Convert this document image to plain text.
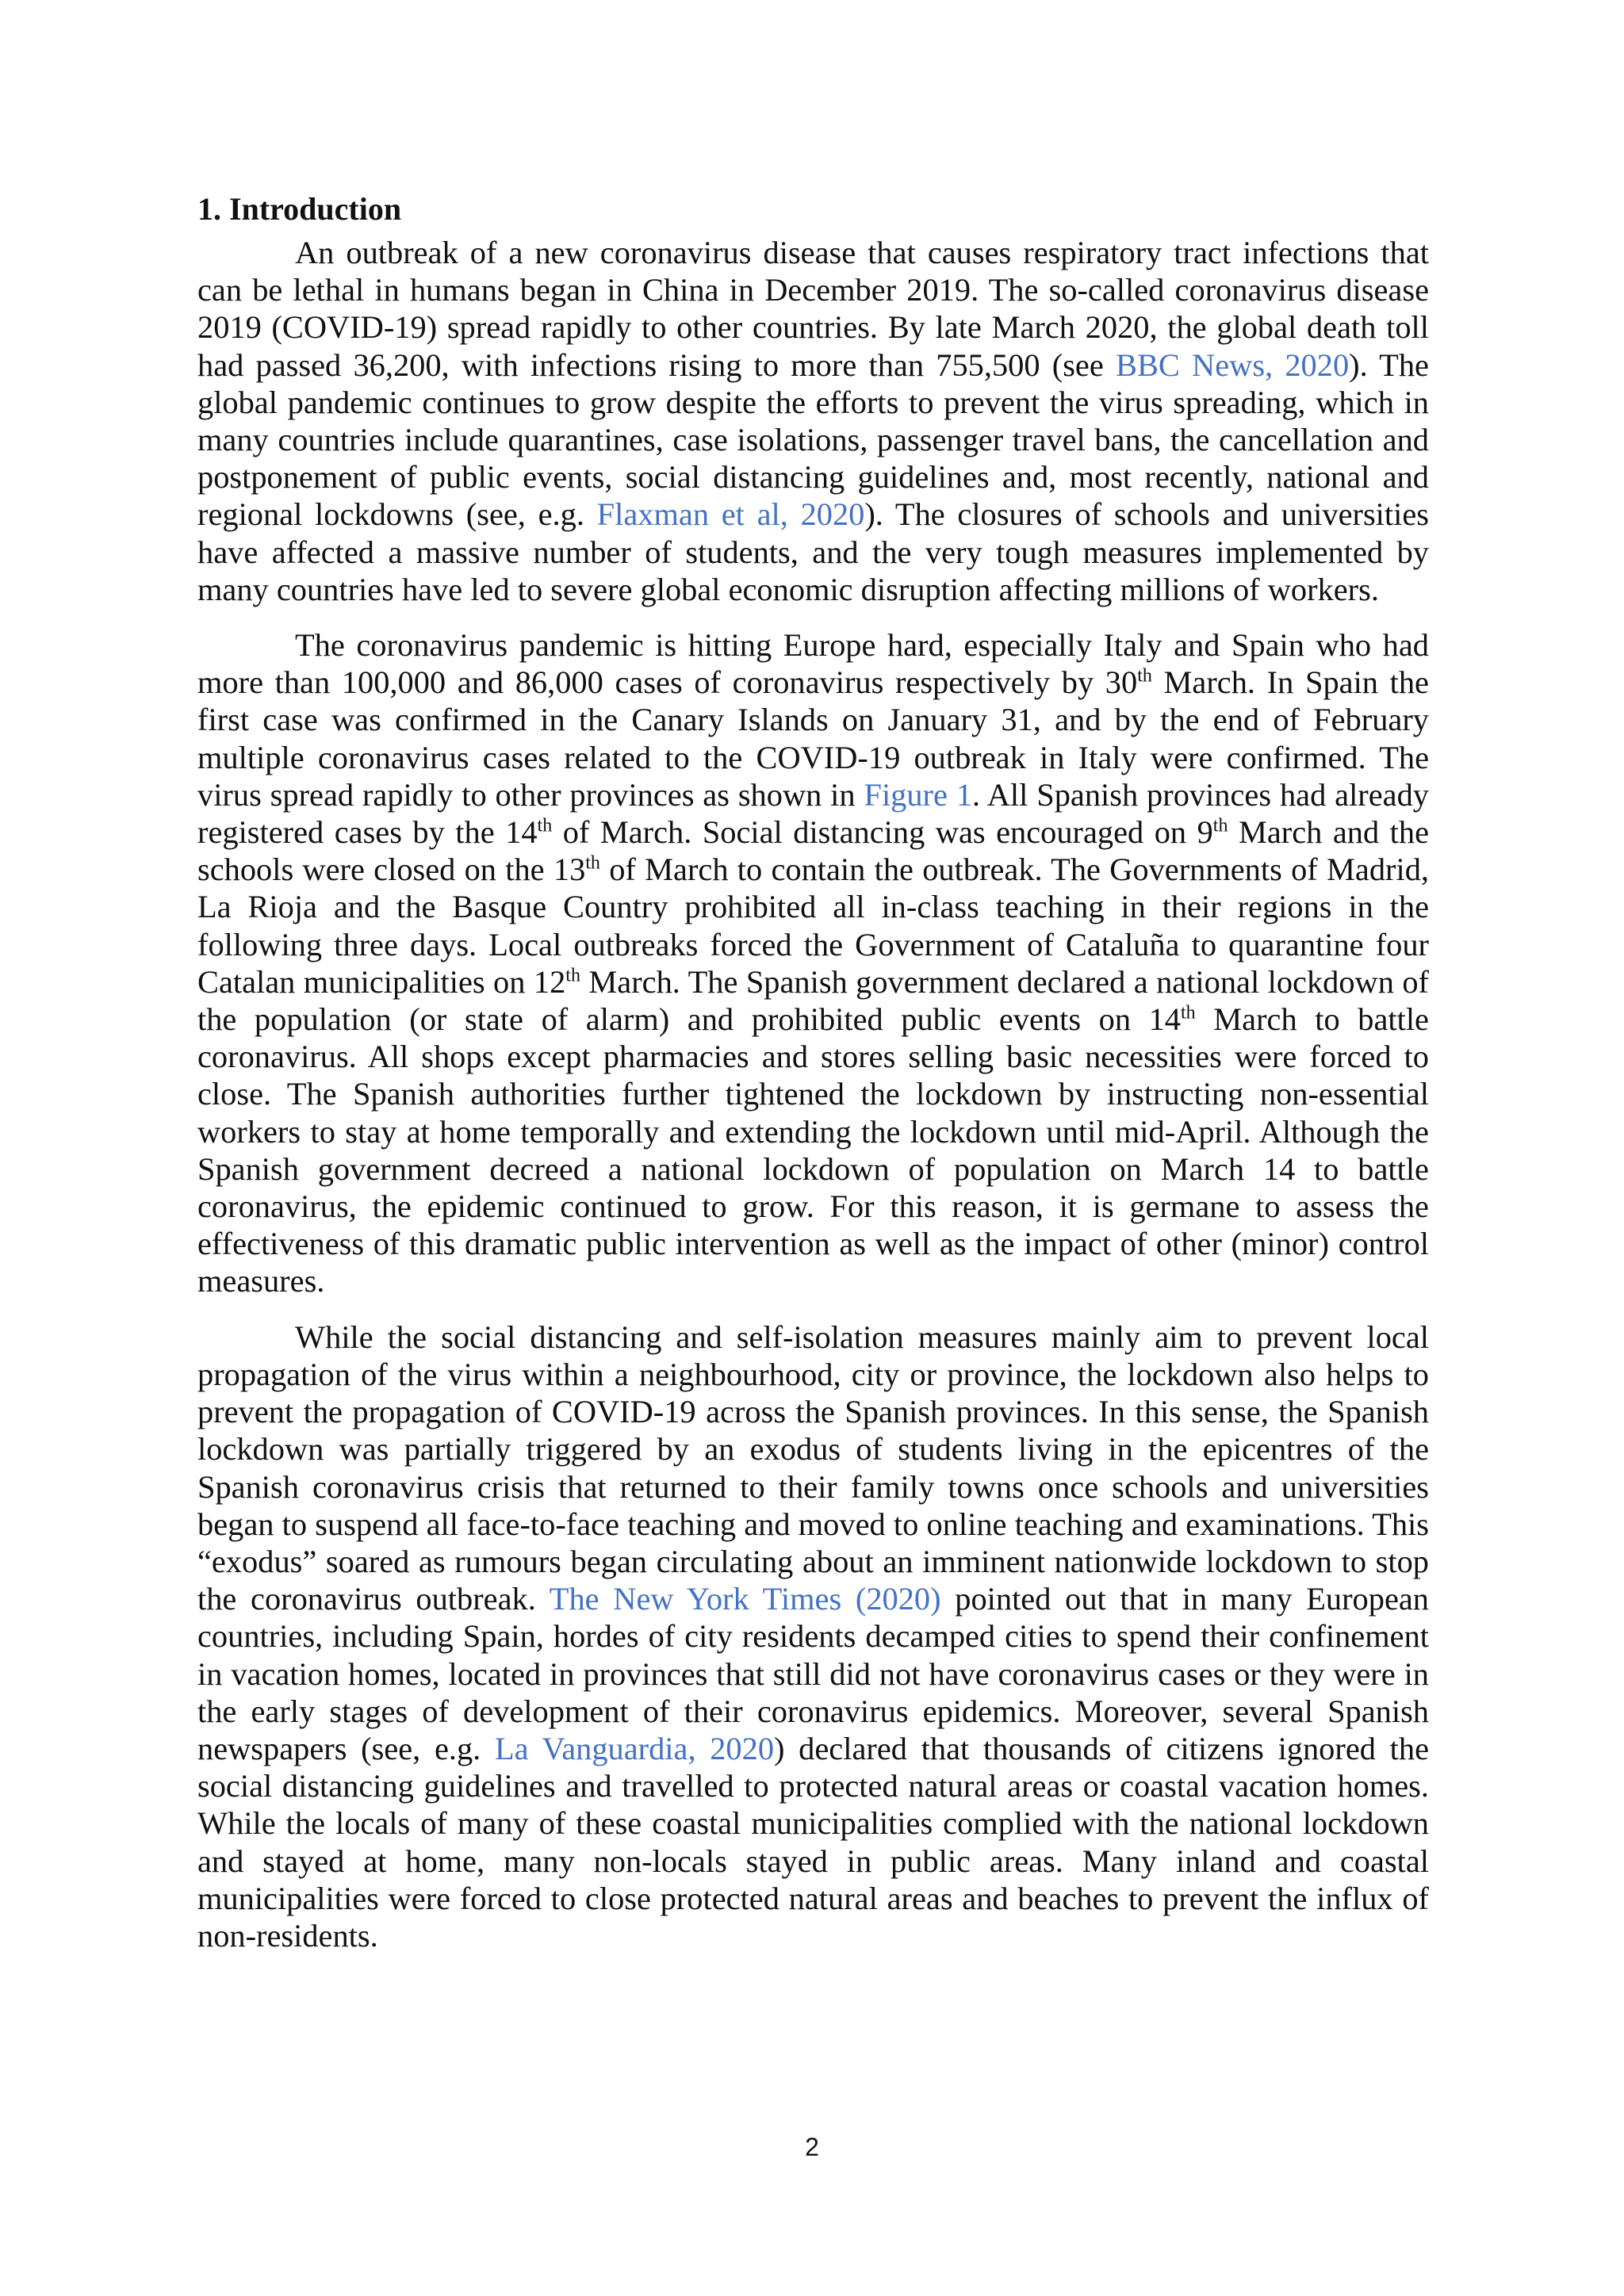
1. Introduction

An outbreak of a new coronavirus disease that causes respiratory tract infections that can be lethal in humans began in China in December 2019. The so-called coronavirus disease 2019 (COVID-19) spread rapidly to other countries. By late March 2020, the global death toll had passed 36,200, with infections rising to more than 755,500 (see BBC News, 2020). The global pandemic continues to grow despite the efforts to prevent the virus spreading, which in many countries include quarantines, case isolations, passenger travel bans, the cancellation and postponement of public events, social distancing guidelines and, most recently, national and regional lockdowns (see, e.g. Flaxman et al, 2020). The closures of schools and universities have affected a massive number of students, and the very tough measures implemented by many countries have led to severe global economic disruption affecting millions of workers.

The coronavirus pandemic is hitting Europe hard, especially Italy and Spain who had more than 100,000 and 86,000 cases of coronavirus respectively by 30th March. In Spain the first case was confirmed in the Canary Islands on January 31, and by the end of February multiple coronavirus cases related to the COVID-19 outbreak in Italy were confirmed. The virus spread rapidly to other provinces as shown in Figure 1. All Spanish provinces had already registered cases by the 14th of March. Social distancing was encouraged on 9th March and the schools were closed on the 13th of March to contain the outbreak. The Governments of Madrid, La Rioja and the Basque Country prohibited all in-class teaching in their regions in the following three days. Local outbreaks forced the Government of Cataluña to quarantine four Catalan municipalities on 12th March. The Spanish government declared a national lockdown of the population (or state of alarm) and prohibited public events on 14th March to battle coronavirus. All shops except pharmacies and stores selling basic necessities were forced to close. The Spanish authorities further tightened the lockdown by instructing non-essential workers to stay at home temporally and extending the lockdown until mid-April. Although the Spanish government decreed a national lockdown of population on March 14 to battle coronavirus, the epidemic continued to grow. For this reason, it is germane to assess the effectiveness of this dramatic public intervention as well as the impact of other (minor) control measures.

While the social distancing and self-isolation measures mainly aim to prevent local propagation of the virus within a neighbourhood, city or province, the lockdown also helps to prevent the propagation of COVID-19 across the Spanish provinces. In this sense, the Spanish lockdown was partially triggered by an exodus of students living in the epicentres of the Spanish coronavirus crisis that returned to their family towns once schools and universities began to suspend all face-to-face teaching and moved to online teaching and examinations. This “exodus” soared as rumours began circulating about an imminent nationwide lockdown to stop the coronavirus outbreak. The New York Times (2020) pointed out that in many European countries, including Spain, hordes of city residents decamped cities to spend their confinement in vacation homes, located in provinces that still did not have coronavirus cases or they were in the early stages of development of their coronavirus epidemics. Moreover, several Spanish newspapers (see, e.g. La Vanguardia, 2020) declared that thousands of citizens ignored the social distancing guidelines and travelled to protected natural areas or coastal vacation homes. While the locals of many of these coastal municipalities complied with the national lockdown and stayed at home, many non-locals stayed in public areas. Many inland and coastal municipalities were forced to close protected natural areas and beaches to prevent the influx of non-residents.

2
